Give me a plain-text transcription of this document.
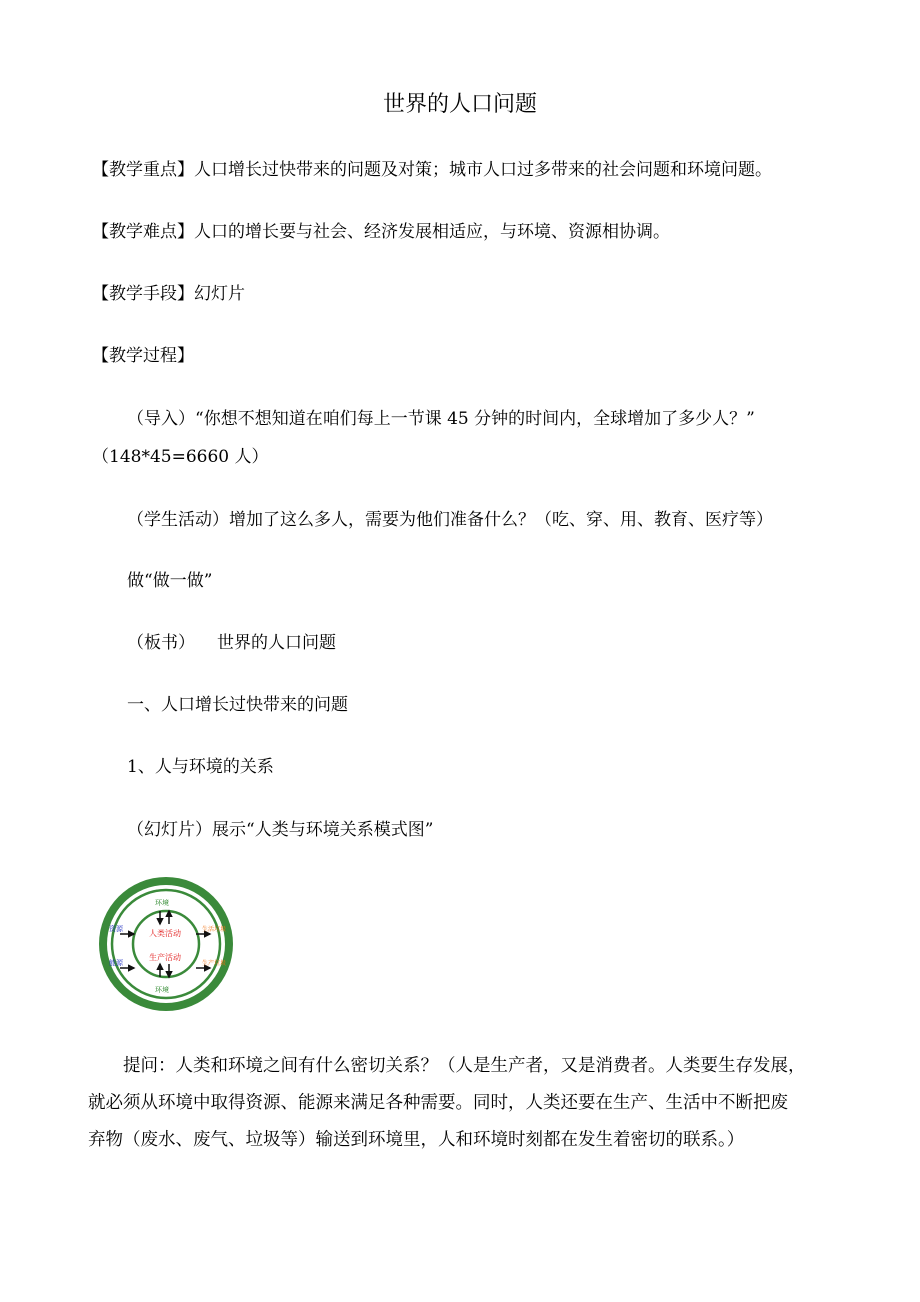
世界的人口问题
【教学重点】人口增长过快带来的问题及对策；城市人口过多带来的社会问题和环境问题。
【教学难点】人口的增长要与社会、经济发展相适应，与环境、资源相协调。
【教学手段】幻灯片
【教学过程】
（导入）“你想不想知道在咱们每上一节课 45 分钟的时间内，全球增加了多少人？”
（148*45=6660 人）
（学生活动）增加了这么多人，需要为他们准备什么？（吃、穿、用、教育、医疗等）
做“做一做”
（板书） 世界的人口问题
一、人口增长过快带来的问题
1、人与环境的关系
（幻灯片）展示“人类与环境关系模式图”
环境
环境
资源
能源
人类活动
生产活动
生活垃圾
生产垃圾
提问：人类和环境之间有什么密切关系？（人是生产者，又是消费者。人类要生存发展，
就必须从环境中取得资源、能源来满足各种需要。同时，人类还要在生产、生活中不断把废
弃物（废水、废气、垃圾等）输送到环境里，人和环境时刻都在发生着密切的联系。）
